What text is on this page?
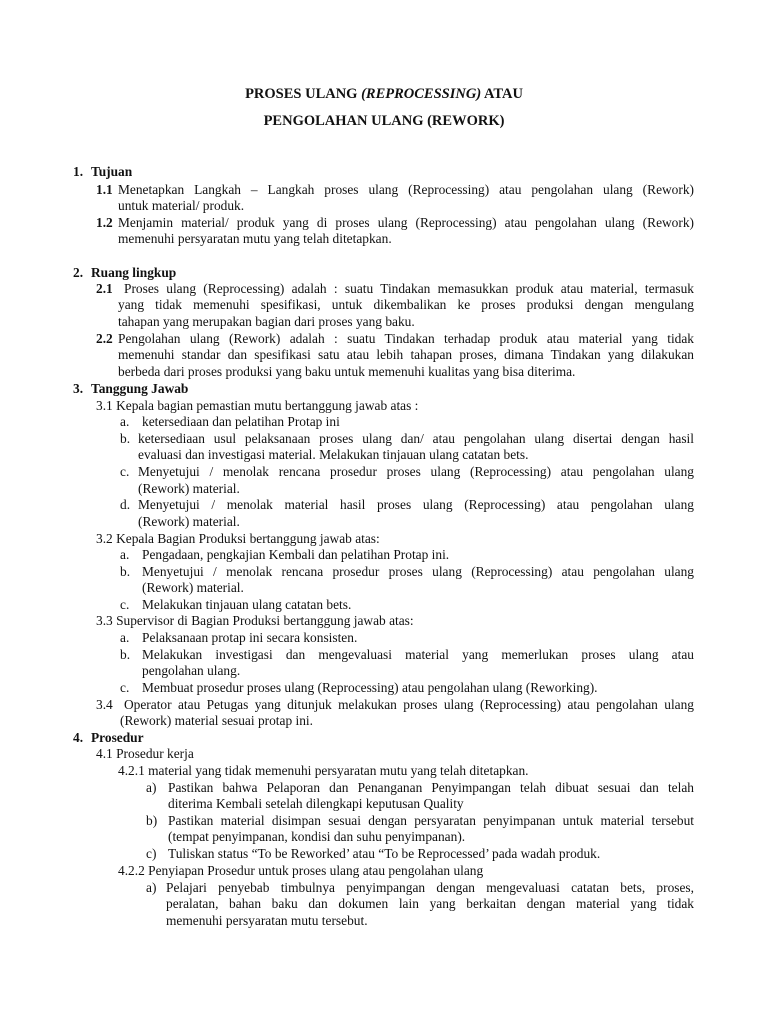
PROSES ULANG (REPROCESSING) ATAU
PENGOLAHAN ULANG (REWORK)
1. Tujuan
1.1 Menetapkan Langkah – Langkah proses ulang (Reprocessing) atau pengolahan ulang (Rework)
untuk material/ produk.
1.2 Menjamin material/ produk yang di proses ulang (Reprocessing) atau pengolahan ulang (Rework)
memenuhi persyaratan mutu yang telah ditetapkan.
2. Ruang lingkup
2.1 Proses ulang (Reprocessing) adalah : suatu Tindakan memasukkan produk atau material, termasuk
yang tidak memenuhi spesifikasi, untuk dikembalikan ke proses produksi dengan mengulang
tahapan yang merupakan bagian dari proses yang baku.
2.2 Pengolahan ulang (Rework) adalah : suatu Tindakan terhadap produk atau material yang tidak
memenuhi standar dan spesifikasi satu atau lebih tahapan proses, dimana Tindakan yang dilakukan
berbeda dari proses produksi yang baku untuk memenuhi kualitas yang bisa diterima.
3. Tanggung Jawab
3.1 Kepala bagian pemastian mutu bertanggung jawab atas :
a. ketersediaan dan pelatihan Protap ini
b. ketersediaan usul pelaksanaan proses ulang dan/ atau pengolahan ulang disertai dengan hasil
evaluasi dan investigasi material. Melakukan tinjauan ulang catatan bets.
c. Menyetujui / menolak rencana prosedur proses ulang (Reprocessing) atau pengolahan ulang
(Rework) material.
d. Menyetujui / menolak material hasil proses ulang (Reprocessing) atau pengolahan ulang
(Rework) material.
3.2 Kepala Bagian Produksi bertanggung jawab atas:
a. Pengadaan, pengkajian Kembali dan pelatihan Protap ini.
b. Menyetujui / menolak rencana prosedur proses ulang (Reprocessing) atau pengolahan ulang
(Rework) material.
c. Melakukan tinjauan ulang catatan bets.
3.3 Supervisor di Bagian Produksi bertanggung jawab atas:
a. Pelaksanaan protap ini secara konsisten.
b. Melakukan investigasi dan mengevaluasi material yang memerlukan proses ulang atau
pengolahan ulang.
c. Membuat prosedur proses ulang (Reprocessing) atau pengolahan ulang (Reworking).
3.4 Operator atau Petugas yang ditunjuk melakukan proses ulang (Reprocessing) atau pengolahan ulang
(Rework) material sesuai protap ini.
4. Prosedur
4.1 Prosedur kerja
4.2.1 material yang tidak memenuhi persyaratan mutu yang telah ditetapkan.
a) Pastikan bahwa Pelaporan dan Penanganan Penyimpangan telah dibuat sesuai dan telah
diterima Kembali setelah dilengkapi keputusan Quality
b) Pastikan material disimpan sesuai dengan persyaratan penyimpanan untuk material tersebut
(tempat penyimpanan, kondisi dan suhu penyimpanan).
c) Tuliskan status “To be Reworked’ atau “To be Reprocessed’ pada wadah produk.
4.2.2 Penyiapan Prosedur untuk proses ulang atau pengolahan ulang
a) Pelajari penyebab timbulnya penyimpangan dengan mengevaluasi catatan bets, proses,
peralatan, bahan baku dan dokumen lain yang berkaitan dengan material yang tidak
memenuhi persyaratan mutu tersebut.
